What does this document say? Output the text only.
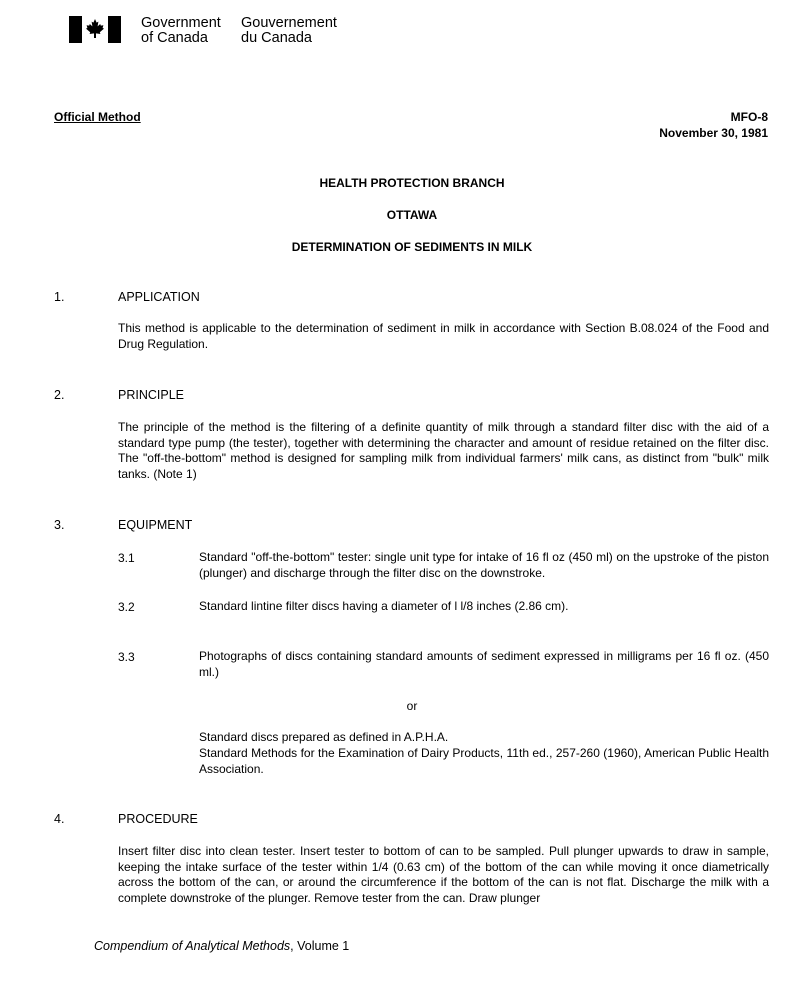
Government
of Canada
Gouvernement
du Canada
Official Method	MFO-8
November 30, 1981
HEALTH PROTECTION BRANCH
OTTAWA
DETERMINATION OF SEDIMENTS IN MILK
1.	APPLICATION
This method is applicable to the determination of sediment in milk in accordance with Section B.08.024 of the Food and Drug Regulation.
2.	PRINCIPLE
The principle of the method is the filtering of a definite quantity of milk through a standard filter disc with the aid of a standard type pump (the tester), together with determining the character and amount of residue retained on the filter disc. The "off-the-bottom" method is designed for sampling milk from individual farmers' milk cans, as distinct from "bulk" milk tanks. (Note 1)
3.	EQUIPMENT
3.1	Standard "off-the-bottom" tester: single unit type for intake of 16 fl oz (450 ml) on the upstroke of the piston (plunger) and discharge through the filter disc on the downstroke.
3.2	Standard lintine filter discs having a diameter of l l/8 inches (2.86 cm).
3.3	Photographs of discs containing standard amounts of sediment expressed in milligrams per 16 fl oz. (450 ml.)
or
Standard discs prepared as defined in A.P.H.A.
Standard Methods for the Examination of Dairy Products, 11th ed., 257-260 (1960), American Public Health Association.
4.	PROCEDURE
Insert filter disc into clean tester. Insert tester to bottom of can to be sampled. Pull plunger upwards to draw in sample, keeping the intake surface of the tester within 1/4 (0.63 cm) of the bottom of the can while moving it once diametrically across the bottom of the can, or around the circumference if the bottom of the can is not flat. Discharge the milk with a complete downstroke of the plunger. Remove tester from the can. Draw plunger
Compendium of Analytical Methods, Volume 1
